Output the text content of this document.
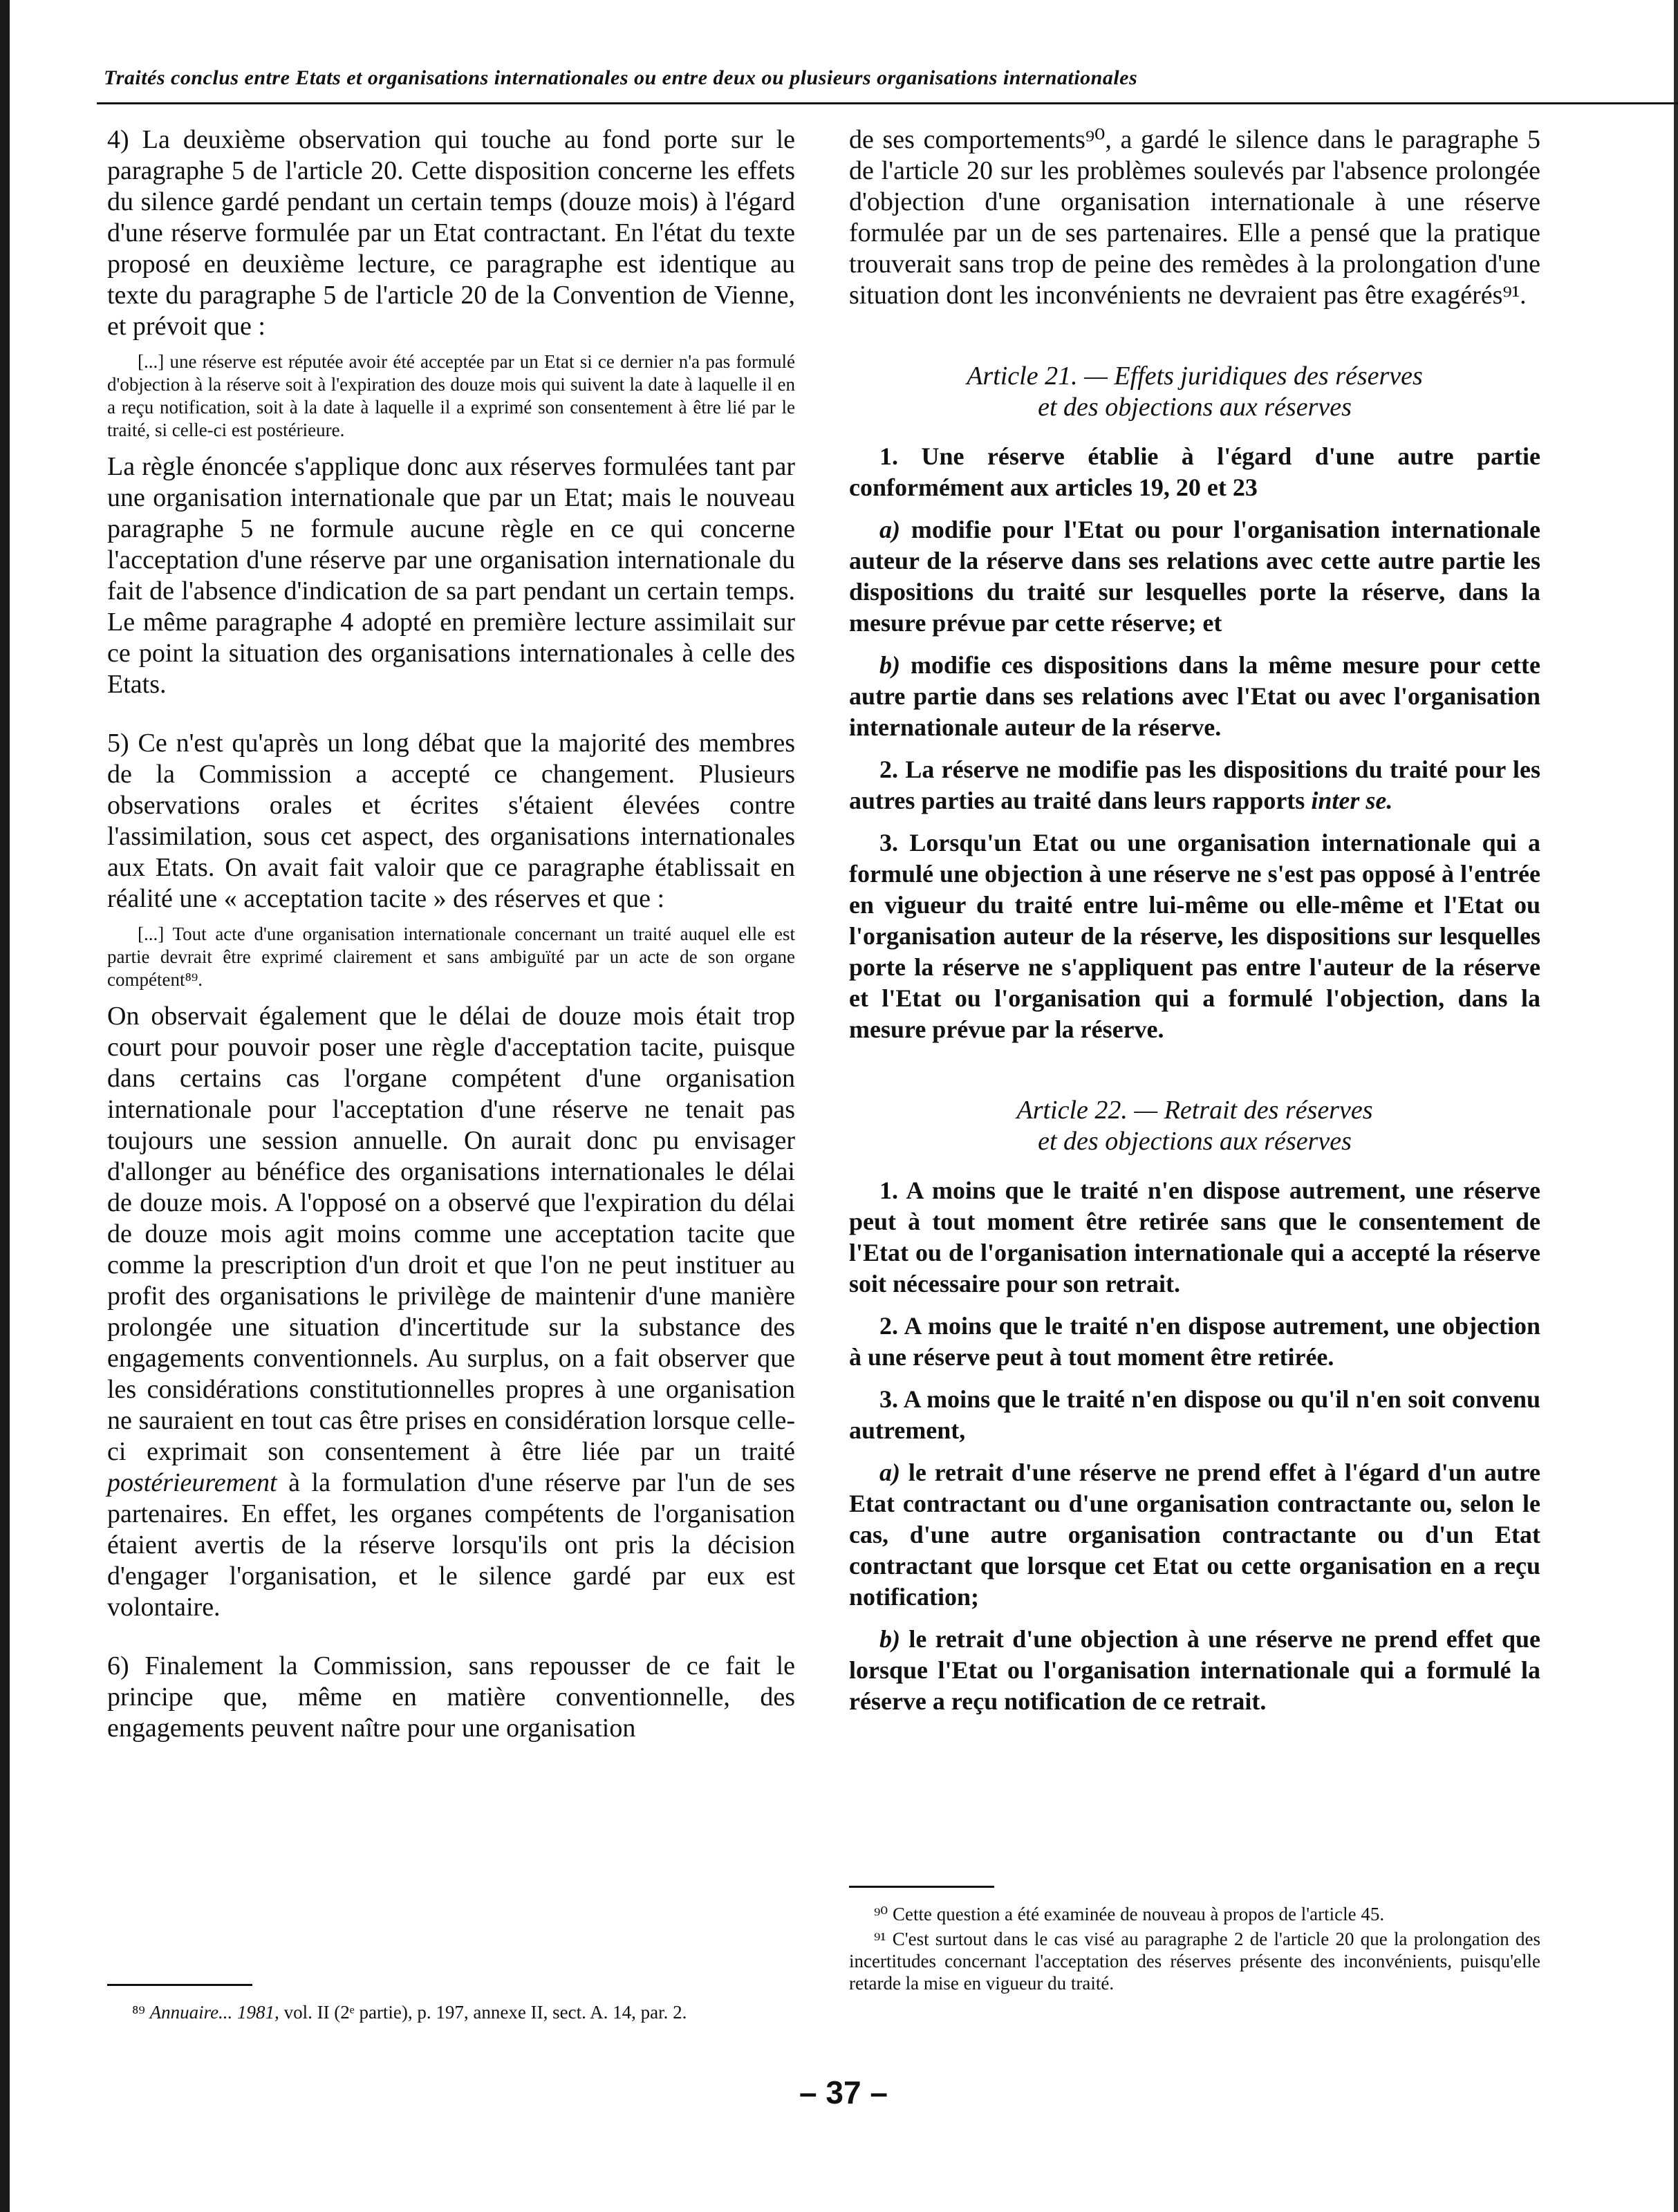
Traités conclus entre Etats et organisations internationales ou entre deux ou plusieurs organisations internationales

4) La deuxième observation qui touche au fond porte sur le paragraphe 5 de l'article 20. Cette disposition concerne les effets du silence gardé pendant un certain temps (douze mois) à l'égard d'une réserve formulée par un Etat contractant. En l'état du texte proposé en deuxième lecture, ce paragraphe est identique au texte du paragraphe 5 de l'article 20 de la Convention de Vienne, et prévoit que :

[...] une réserve est réputée avoir été acceptée par un Etat si ce dernier n'a pas formulé d'objection à la réserve soit à l'expiration des douze mois qui suivent la date à laquelle il en a reçu notification, soit à la date à laquelle il a exprimé son consentement à être lié par le traité, si celle-ci est postérieure.

La règle énoncée s'applique donc aux réserves formulées tant par une organisation internationale que par un Etat; mais le nouveau paragraphe 5 ne formule aucune règle en ce qui concerne l'acceptation d'une réserve par une organisation internationale du fait de l'absence d'indication de sa part pendant un certain temps. Le même paragraphe 4 adopté en première lecture assimilait sur ce point la situation des organisations internationales à celle des Etats.

5) Ce n'est qu'après un long débat que la majorité des membres de la Commission a accepté ce changement. Plusieurs observations orales et écrites s'étaient élevées contre l'assimilation, sous cet aspect, des organisations internationales aux Etats. On avait fait valoir que ce paragraphe établissait en réalité une « acceptation tacite » des réserves et que :

[...] Tout acte d'une organisation internationale concernant un traité auquel elle est partie devrait être exprimé clairement et sans ambiguïté par un acte de son organe compétent⁸⁹.

On observait également que le délai de douze mois était trop court pour pouvoir poser une règle d'acceptation tacite, puisque dans certains cas l'organe compétent d'une organisation internationale pour l'acceptation d'une réserve ne tenait pas toujours une session annuelle. On aurait donc pu envisager d'allonger au bénéfice des organisations internationales le délai de douze mois. A l'opposé on a observé que l'expiration du délai de douze mois agit moins comme une acceptation tacite que comme la prescription d'un droit et que l'on ne peut instituer au profit des organisations le privilège de maintenir d'une manière prolongée une situation d'incertitude sur la substance des engagements conventionnels. Au surplus, on a fait observer que les considérations constitutionnelles propres à une organisation ne sauraient en tout cas être prises en considération lorsque celle-ci exprimait son consentement à être liée par un traité postérieurement à la formulation d'une réserve par l'un de ses partenaires. En effet, les organes compétents de l'organisation étaient avertis de la réserve lorsqu'ils ont pris la décision d'engager l'organisation, et le silence gardé par eux est volontaire.

6) Finalement la Commission, sans repousser de ce fait le principe que, même en matière conventionnelle, des engagements peuvent naître pour une organisation

⁸⁹ Annuaire... 1981, vol. II (2ᵉ partie), p. 197, annexe II, sect. A. 14, par. 2.

de ses comportements⁹⁰, a gardé le silence dans le paragraphe 5 de l'article 20 sur les problèmes soulevés par l'absence prolongée d'objection d'une organisation internationale à une réserve formulée par un de ses partenaires. Elle a pensé que la pratique trouverait sans trop de peine des remèdes à la prolongation d'une situation dont les inconvénients ne devraient pas être exagérés⁹¹.

Article 21. — Effets juridiques des réserves
et des objections aux réserves

1. Une réserve établie à l'égard d'une autre partie conformément aux articles 19, 20 et 23

a) modifie pour l'Etat ou pour l'organisation internationale auteur de la réserve dans ses relations avec cette autre partie les dispositions du traité sur lesquelles porte la réserve, dans la mesure prévue par cette réserve; et

b) modifie ces dispositions dans la même mesure pour cette autre partie dans ses relations avec l'Etat ou avec l'organisation internationale auteur de la réserve.

2. La réserve ne modifie pas les dispositions du traité pour les autres parties au traité dans leurs rapports inter se.

3. Lorsqu'un Etat ou une organisation internationale qui a formulé une objection à une réserve ne s'est pas opposé à l'entrée en vigueur du traité entre lui-même ou elle-même et l'Etat ou l'organisation auteur de la réserve, les dispositions sur lesquelles porte la réserve ne s'appliquent pas entre l'auteur de la réserve et l'Etat ou l'organisation qui a formulé l'objection, dans la mesure prévue par la réserve.

Article 22. — Retrait des réserves
et des objections aux réserves

1. A moins que le traité n'en dispose autrement, une réserve peut à tout moment être retirée sans que le consentement de l'Etat ou de l'organisation internationale qui a accepté la réserve soit nécessaire pour son retrait.

2. A moins que le traité n'en dispose autrement, une objection à une réserve peut à tout moment être retirée.

3. A moins que le traité n'en dispose ou qu'il n'en soit convenu autrement,

a) le retrait d'une réserve ne prend effet à l'égard d'un autre Etat contractant ou d'une organisation contractante ou, selon le cas, d'une autre organisation contractante ou d'un Etat contractant que lorsque cet Etat ou cette organisation en a reçu notification;

b) le retrait d'une objection à une réserve ne prend effet que lorsque l'Etat ou l'organisation internationale qui a formulé la réserve a reçu notification de ce retrait.

⁹⁰ Cette question a été examinée de nouveau à propos de l'article 45.

⁹¹ C'est surtout dans le cas visé au paragraphe 2 de l'article 20 que la prolongation des incertitudes concernant l'acceptation des réserves présente des inconvénients, puisqu'elle retarde la mise en vigueur du traité.

– 37 –
